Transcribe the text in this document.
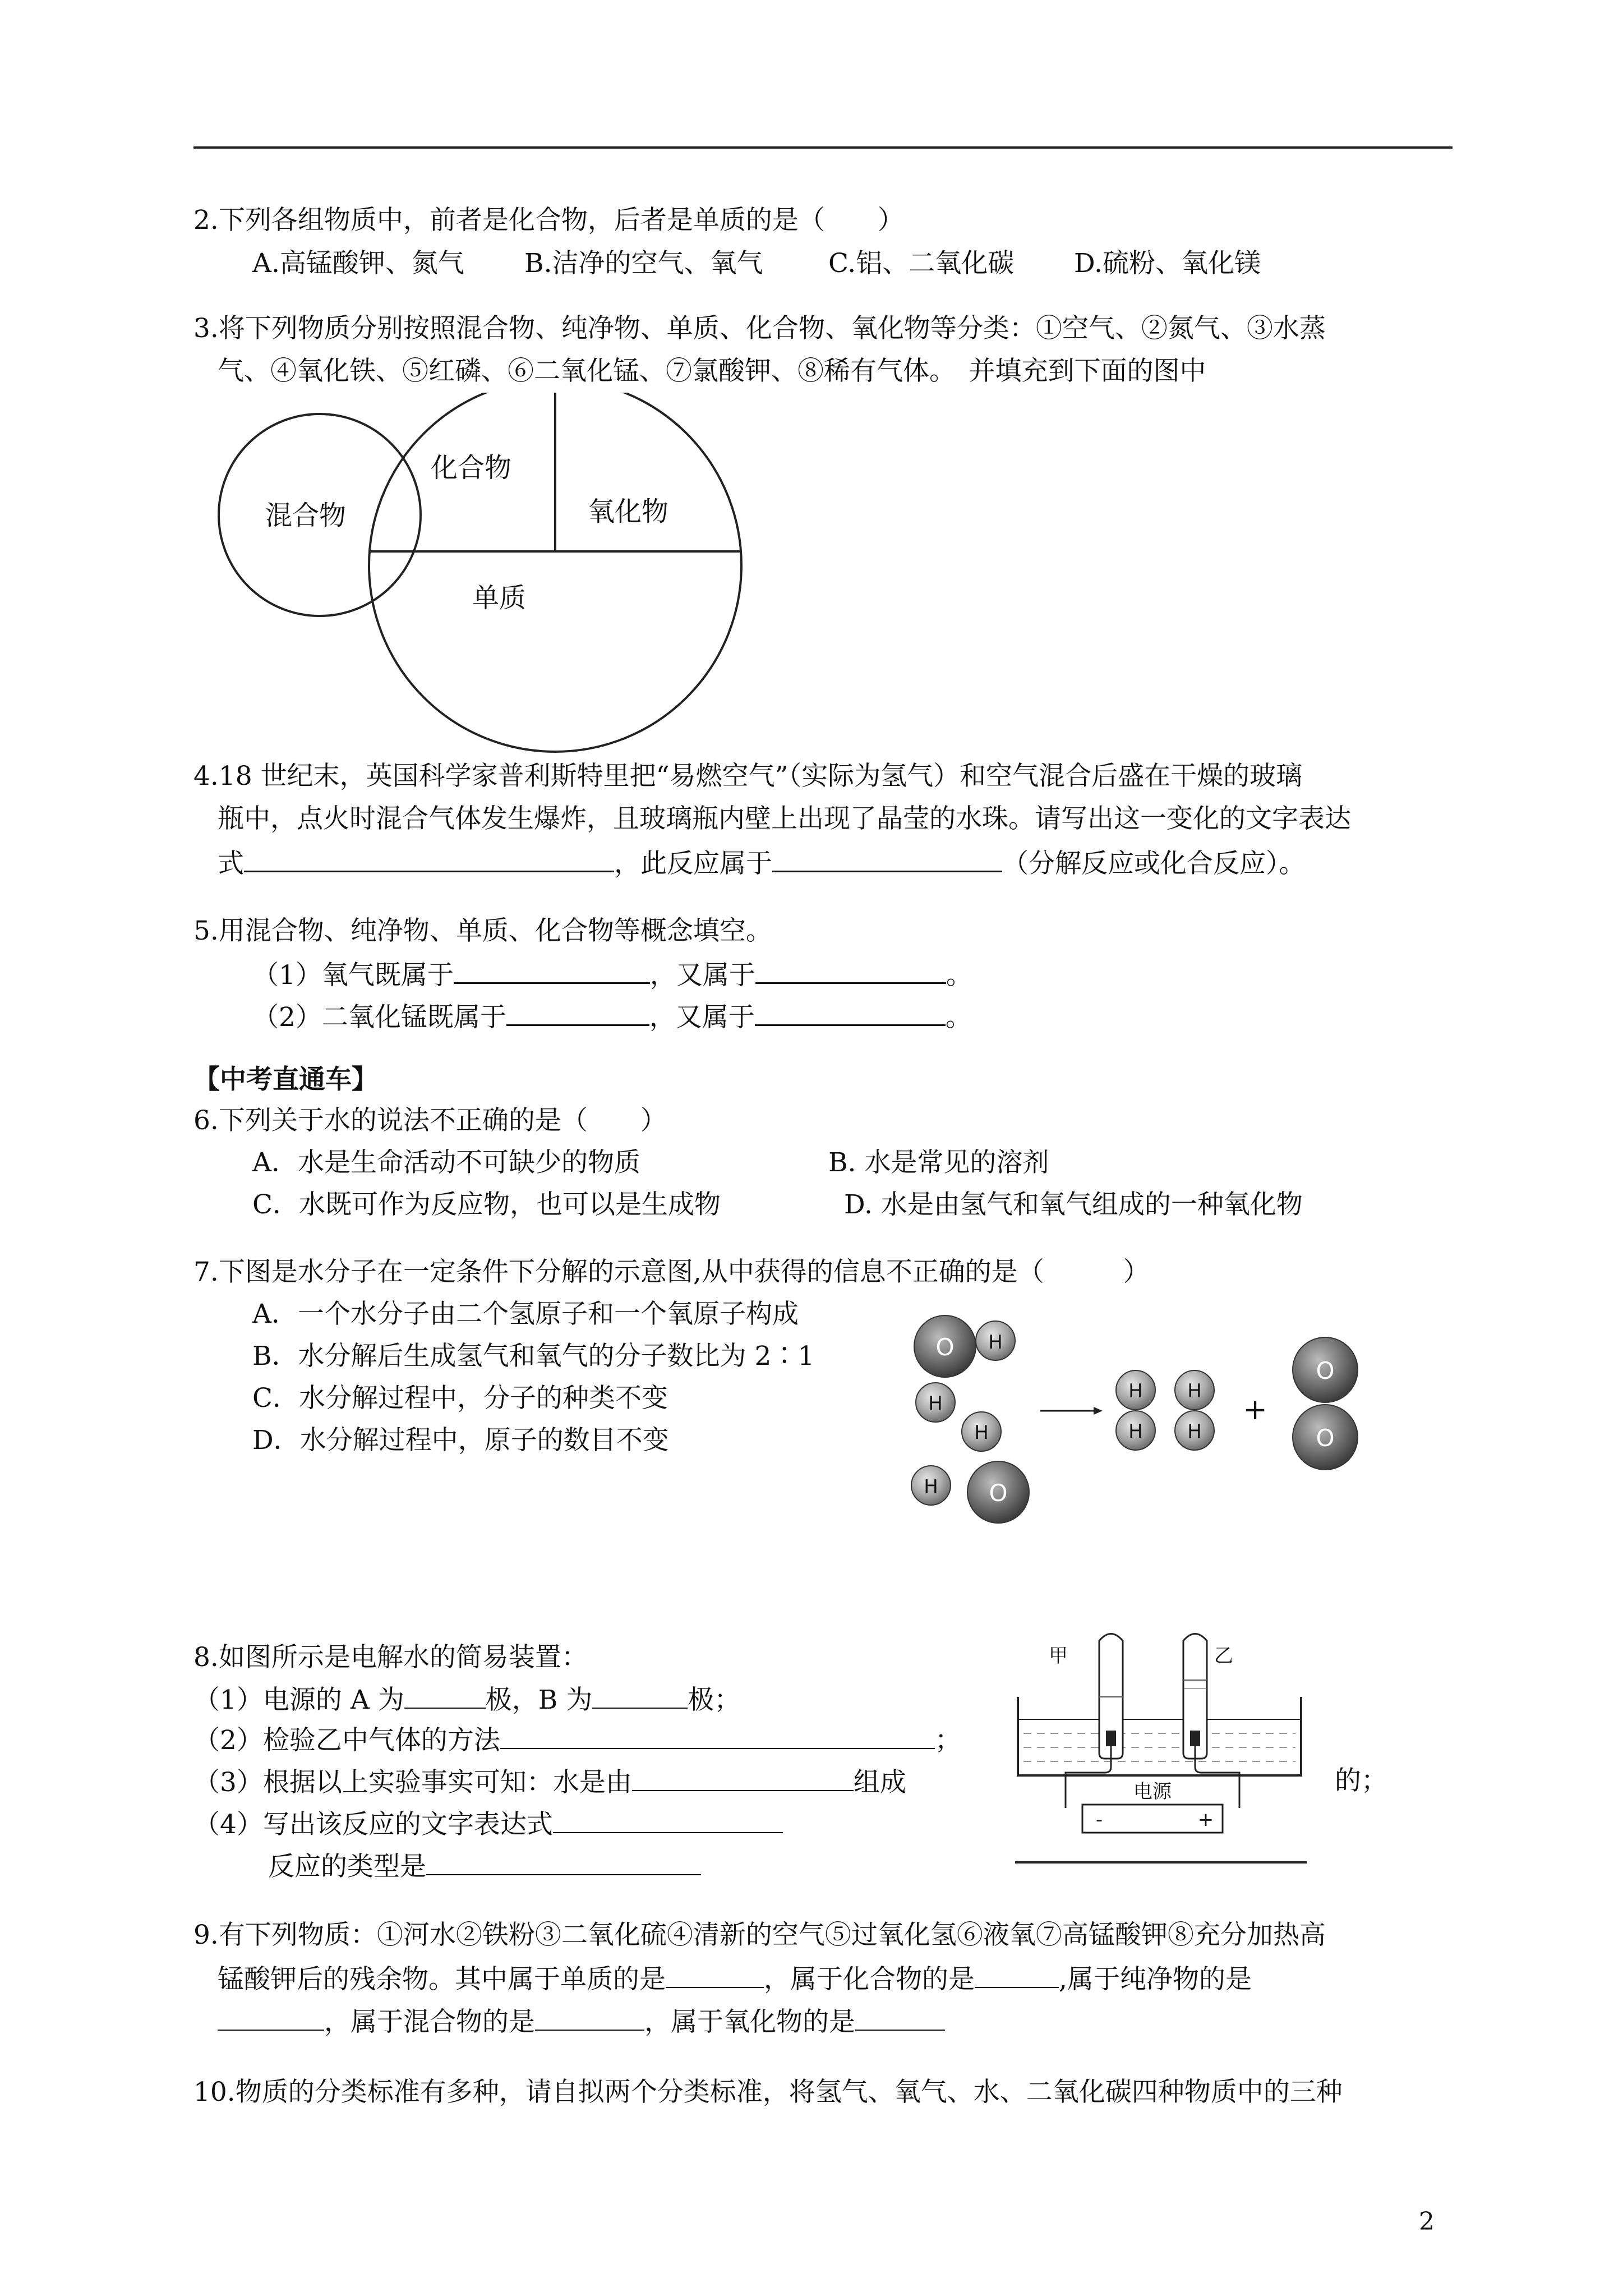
2.下列各组物质中，前者是化合物，后者是单质的是（　　）
A.高锰酸钾、氮气 B.洁净的空气、氧气 C.铝、二氧化碳 D.硫粉、氧化镁
3.将下列物质分别按照混合物、纯净物、单质、化合物、氧化物等分类：①空气、②氮气、③水蒸
气、④氧化铁、⑤红磷、⑥二氧化锰、⑦氯酸钾、⑧稀有气体。　并填充到下面的图中
混合物
化合物
氧化物
单质
4.18 世纪末，英国科学家普利斯特里把“易燃空气”（实际为氢气）和空气混合后盛在干燥的玻璃
瓶中，点火时混合气体发生爆炸，且玻璃瓶内壁上出现了晶莹的水珠。请写出这一变化的文字表达
式	，此反应属于	（分解反应或化合反应）。
5.用混合物、纯净物、单质、化合物等概念填空。
（1）氧气既属于	，又属于	。
（2）二氧化锰既属于	，又属于	。
【中考直通车】
6.下列关于水的说法不正确的是（　　）
A．水是生命活动不可缺少的物质	B. 水是常见的溶剂
C．水既可作为反应物，也可以是生成物	D. 水是由氢气和氧气组成的一种氧化物
7.下图是水分子在一定条件下分解的示意图,从中获得的信息不正确的是（　　　）
A．一个水分子由二个氢原子和一个氧原子构成
B．水分解后生成氢气和氧气的分子数比为 2∶1
C．水分解过程中，分子的种类不变
D．水分解过程中，原子的数目不变
O H
H
H
O
H
H
H
H
H
+
O
O
8.如图所示是电解水的简易装置：
（1）电源的 A 为	极，B 为	极；
（2）检验乙中气体的方法	；
（3）根据以上实验事实可知：水是由	组成	的；
（4）写出该反应的文字表达式
反应的类型是
甲	乙
电源
-	+
9.有下列物质：①河水②铁粉③二氧化硫④清新的空气⑤过氧化氢⑥液氧⑦高锰酸钾⑧充分加热高
锰酸钾后的残余物。其中属于单质的是	，属于化合物的是	,属于纯净物的是
，属于混合物的是	，属于氧化物的是
10.物质的分类标准有多种，请自拟两个分类标准，将氢气、氧气、水、二氧化碳四种物质中的三种
2
